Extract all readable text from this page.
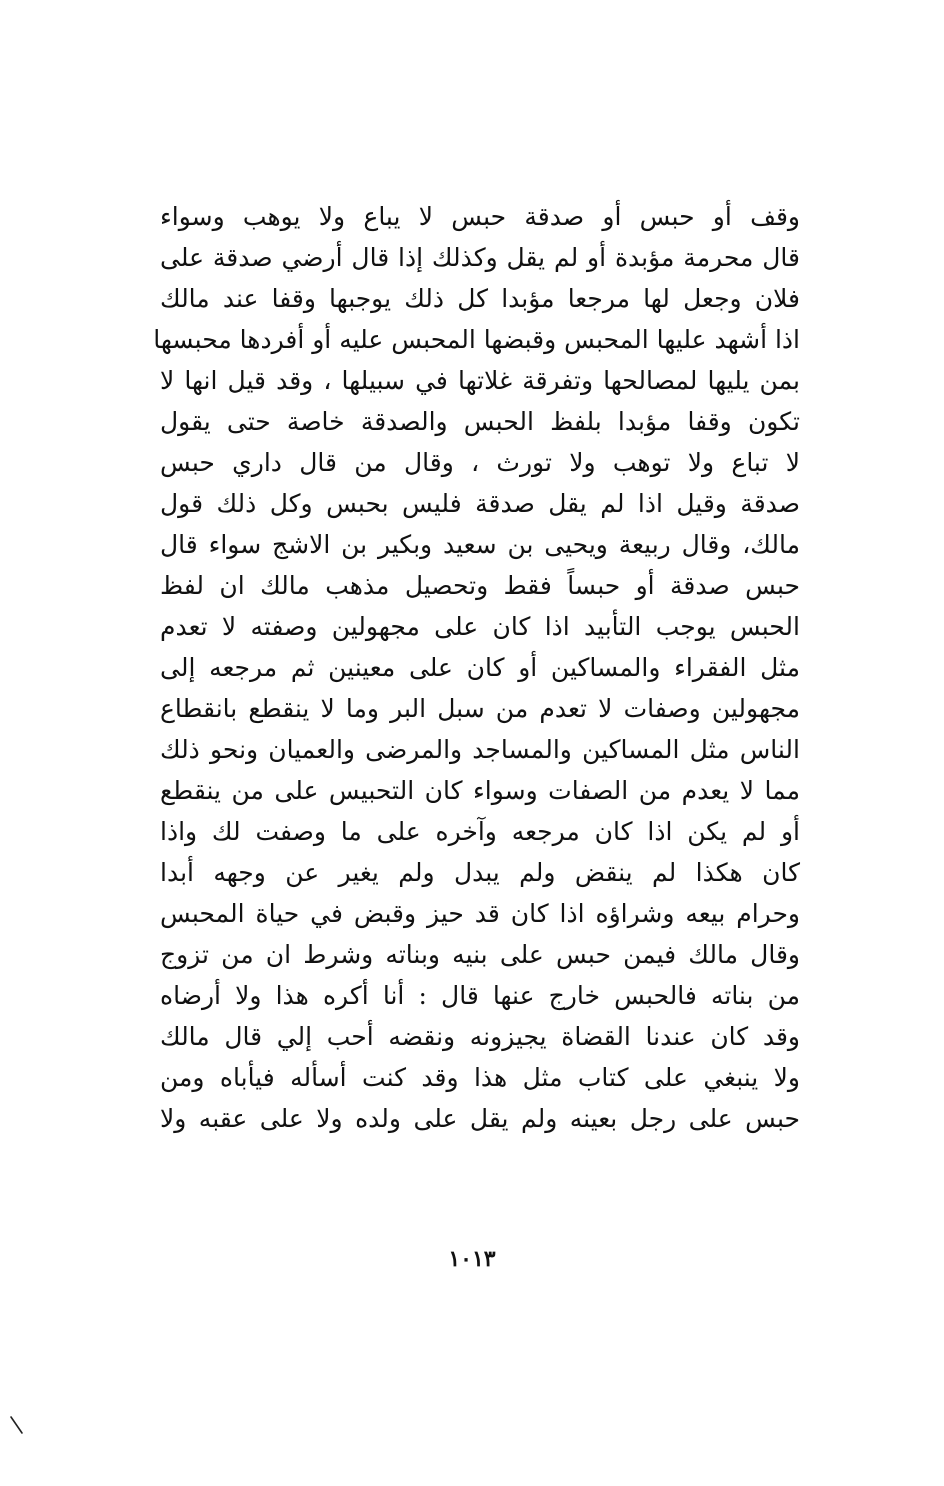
وقف أو حبس أو صدقة حبس لا يباع ولا يوهب وسواء
قال محرمة مؤبدة أو لم يقل وكذلك إذا قال أرضي صدقة على
فلان وجعل لها مرجعا مؤبدا كل ذلك يوجبها وقفا عند مالك
اذا أشهد عليها المحبس وقبضها المحبس عليه أو أفردها محبسها
بمن يليها لمصالحها وتفرقة غلاتها في سبيلها ، وقد قيل انها لا
تكون وقفا مؤبدا بلفظ الحبس والصدقة خاصة حتى يقول
لا تباع ولا توهب ولا تورث ، وقال من قال داري حبس
صدقة وقيل اذا لم يقل صدقة فليس بحبس وكل ذلك قول
مالك، وقال ربيعة ويحيى بن سعيد وبكير بن الاشج سواء قال
حبس صدقة أو حبساً فقط وتحصيل مذهب مالك ان لفظ
الحبس يوجب التأبيد اذا كان على مجهولين وصفته لا تعدم
مثل الفقراء والمساكين أو كان على معينين ثم مرجعه إلى
مجهولين وصفات لا تعدم من سبل البر وما لا ينقطع بانقطاع
الناس مثل المساكين والمساجد والمرضى والعميان ونحو ذلك
مما لا يعدم من الصفات وسواء كان التحبيس على من ينقطع
أو لم يكن اذا كان مرجعه وآخره على ما وصفت لك واذا
كان هكذا لم ينقض ولم يبدل ولم يغير عن وجهه أبدا
وحرام بيعه وشراؤه اذا كان قد حيز وقبض في حياة المحبس
وقال مالك فيمن حبس على بنيه وبناته وشرط ان من تزوج
من بناته فالحبس خارج عنها قال : أنا أكره هذا ولا أرضاه
وقد كان عندنا القضاة يجيزونه ونقضه أحب إلي قال مالك
ولا ينبغي على كتاب مثل هذا وقد كنت أسأله فيأباه ومن
حبس على رجل بعينه ولم يقل على ولده ولا على عقبه ولا
١٠١٣
